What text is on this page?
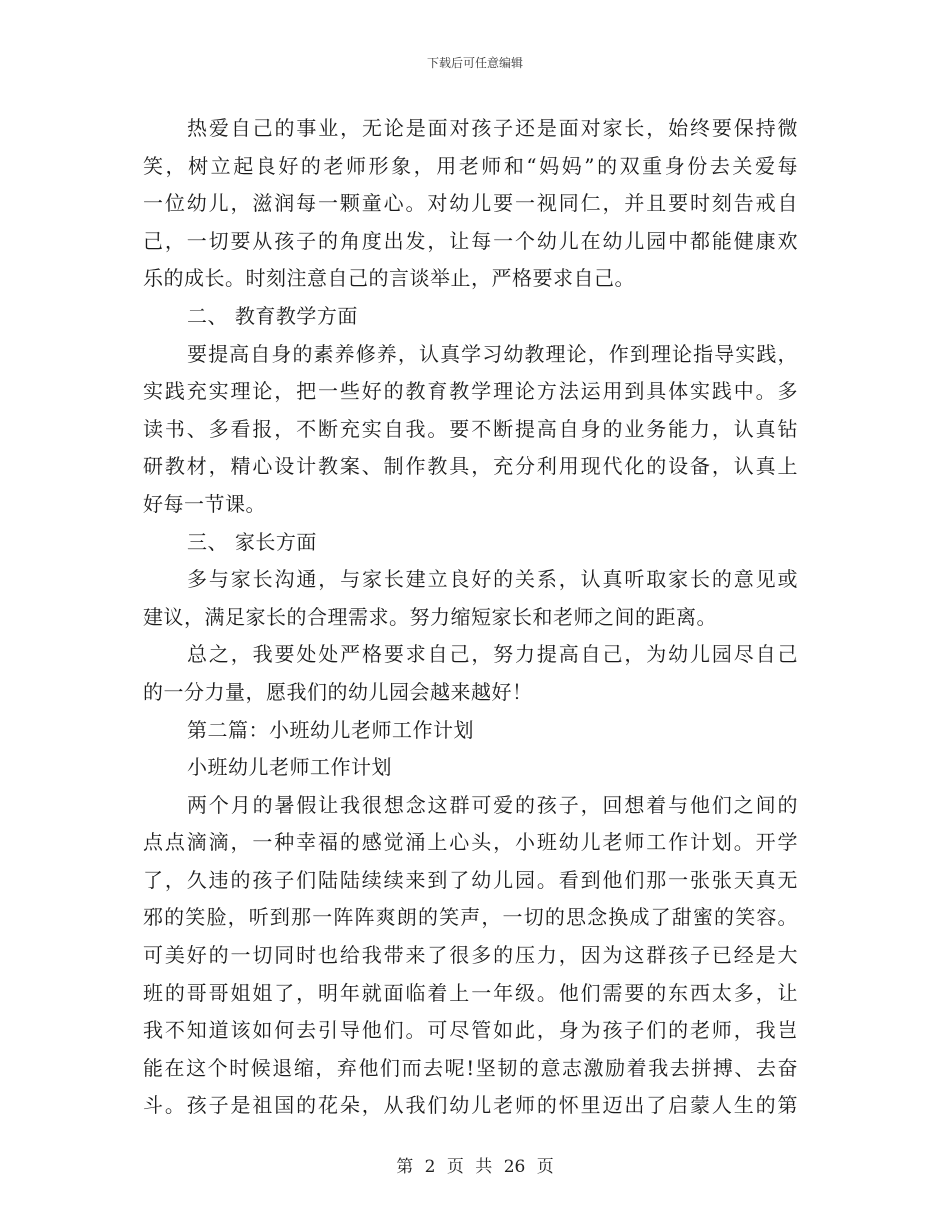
下载后可任意编辑
热爱自己的事业，无论是面对孩子还是面对家长，始终要保持微
笑，树立起良好的老师形象，用老师和“妈妈”的双重身份去关爱每
一位幼儿，滋润每一颗童心。对幼儿要一视同仁，并且要时刻告戒自
己，一切要从孩子的角度出发，让每一个幼儿在幼儿园中都能健康欢
乐的成长。时刻注意自己的言谈举止，严格要求自己。
二、 教育教学方面
要提高自身的素养修养，认真学习幼教理论，作到理论指导实践，
实践充实理论，把一些好的教育教学理论方法运用到具体实践中。多
读书、多看报，不断充实自我。要不断提高自身的业务能力，认真钻
研教材，精心设计教案、制作教具，充分利用现代化的设备，认真上
好每一节课。
三、 家长方面
多与家长沟通，与家长建立良好的关系，认真听取家长的意见或
建议，满足家长的合理需求。努力缩短家长和老师之间的距离。
总之，我要处处严格要求自己，努力提高自己，为幼儿园尽自己
的一分力量，愿我们的幼儿园会越来越好！
第二篇：小班幼儿老师工作计划
小班幼儿老师工作计划
两个月的暑假让我很想念这群可爱的孩子，回想着与他们之间的
点点滴滴，一种幸福的感觉涌上心头，小班幼儿老师工作计划。开学
了，久违的孩子们陆陆续续来到了幼儿园。看到他们那一张张天真无
邪的笑脸，听到那一阵阵爽朗的笑声，一切的思念换成了甜蜜的笑容。
可美好的一切同时也给我带来了很多的压力，因为这群孩子已经是大
班的哥哥姐姐了，明年就面临着上一年级。他们需要的东西太多，让
我不知道该如何去引导他们。可尽管如此，身为孩子们的老师，我岂
能在这个时候退缩，弃他们而去呢!坚韧的意志激励着我去拼搏、去奋
斗。孩子是祖国的花朵，从我们幼儿老师的怀里迈出了启蒙人生的第
第 2 页 共 26 页
